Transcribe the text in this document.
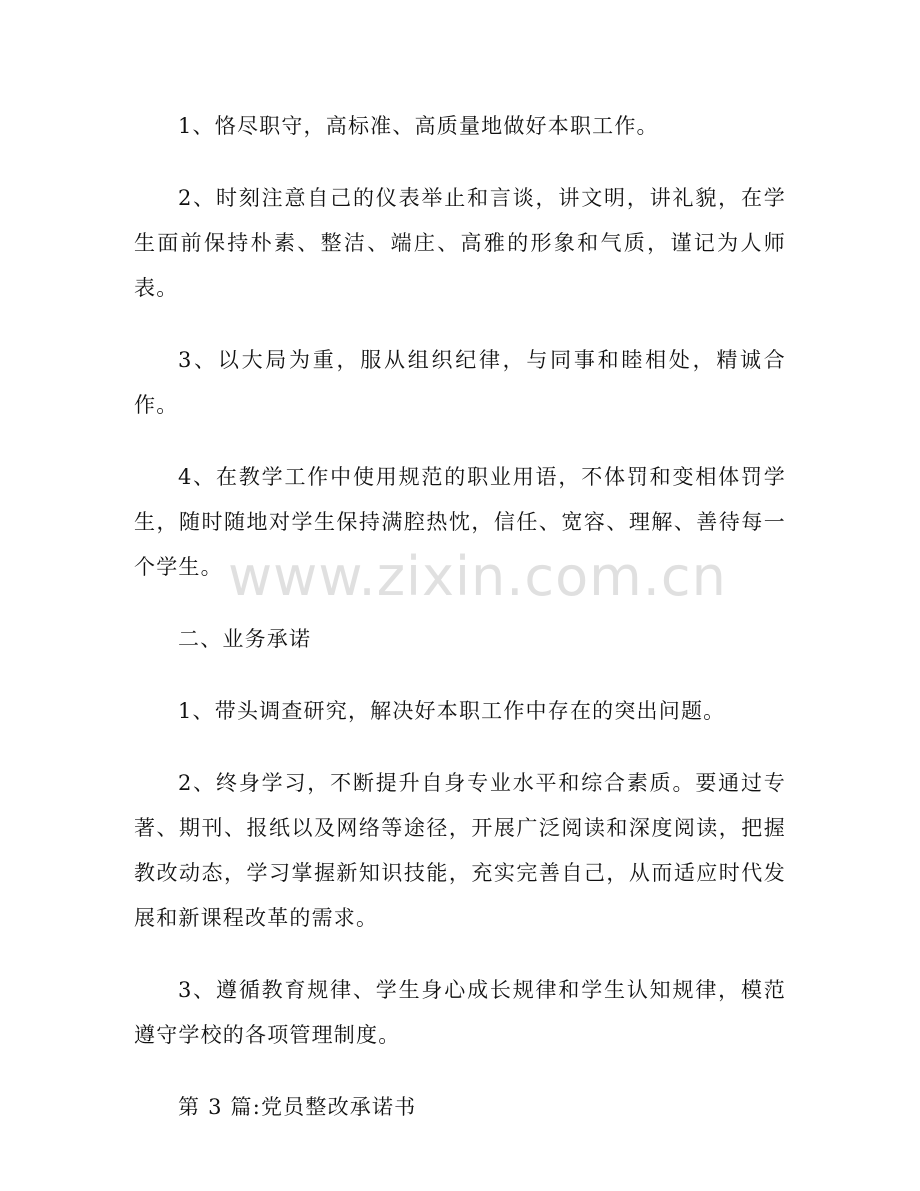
1、恪尽职守，高标准、高质量地做好本职工作。

2、时刻注意自己的仪表举止和言谈，讲文明，讲礼貌，在学生面前保持朴素、整洁、端庄、高雅的形象和气质，谨记为人师表。

3、以大局为重，服从组织纪律，与同事和睦相处，精诚合作。

4、在教学工作中使用规范的职业用语，不体罚和变相体罚学生，随时随地对学生保持满腔热忱，信任、宽容、理解、善待每一个学生。

二、业务承诺

1、带头调查研究，解决好本职工作中存在的突出问题。

2、终身学习，不断提升自身专业水平和综合素质。要通过专著、期刊、报纸以及网络等途径，开展广泛阅读和深度阅读，把握教改动态，学习掌握新知识技能，充实完善自己，从而适应时代发展和新课程改革的需求。

3、遵循教育规律、学生身心成长规律和学生认知规律，模范遵守学校的各项管理制度。

第 3 篇:党员整改承诺书

www.zixin.com.cn
